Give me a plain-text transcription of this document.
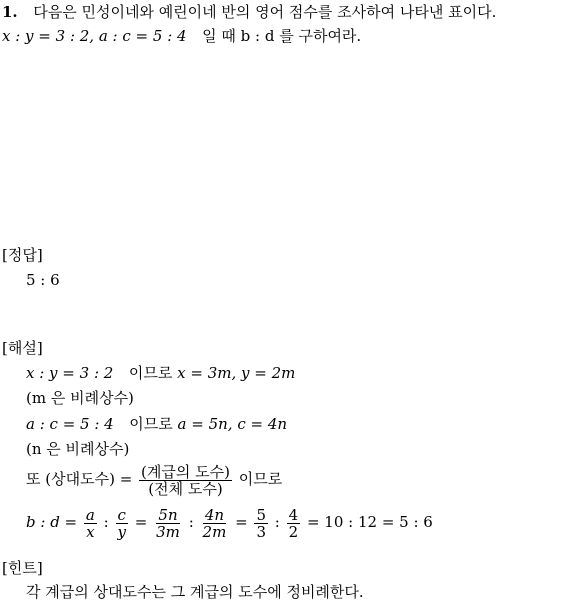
1. 다음은 민성이네와 예린이네 반의 영어 점수를 조사하여 나타낸 표이다.
x : y = 3 : 2, a : c = 5 : 4 일 때 b : d 를 구하여라.
[정답]
5 : 6
[해설]
x : y = 3 : 2 이므로 x = 3m, y = 2m
(m 은 비례상수)
a : c = 5 : 4 이므로 a = 5n, c = 4n
(n 은 비례상수)
또 (상대도수) = $\frac{\text{(계급의 도수)}}{\text{(전체 도수)}}$ 이므로
b : $d = \frac{a}{x}$ : $\frac{c}{y} = \frac{5n}{3m}$ : $\frac{4n}{2m} = \frac{5}{3}$ : $\frac{4}{2} = 10$ : 12 = 5 : 6
[힌트]
각 계급의 상대도수는 그 계급의 도수에 정비례한다.
